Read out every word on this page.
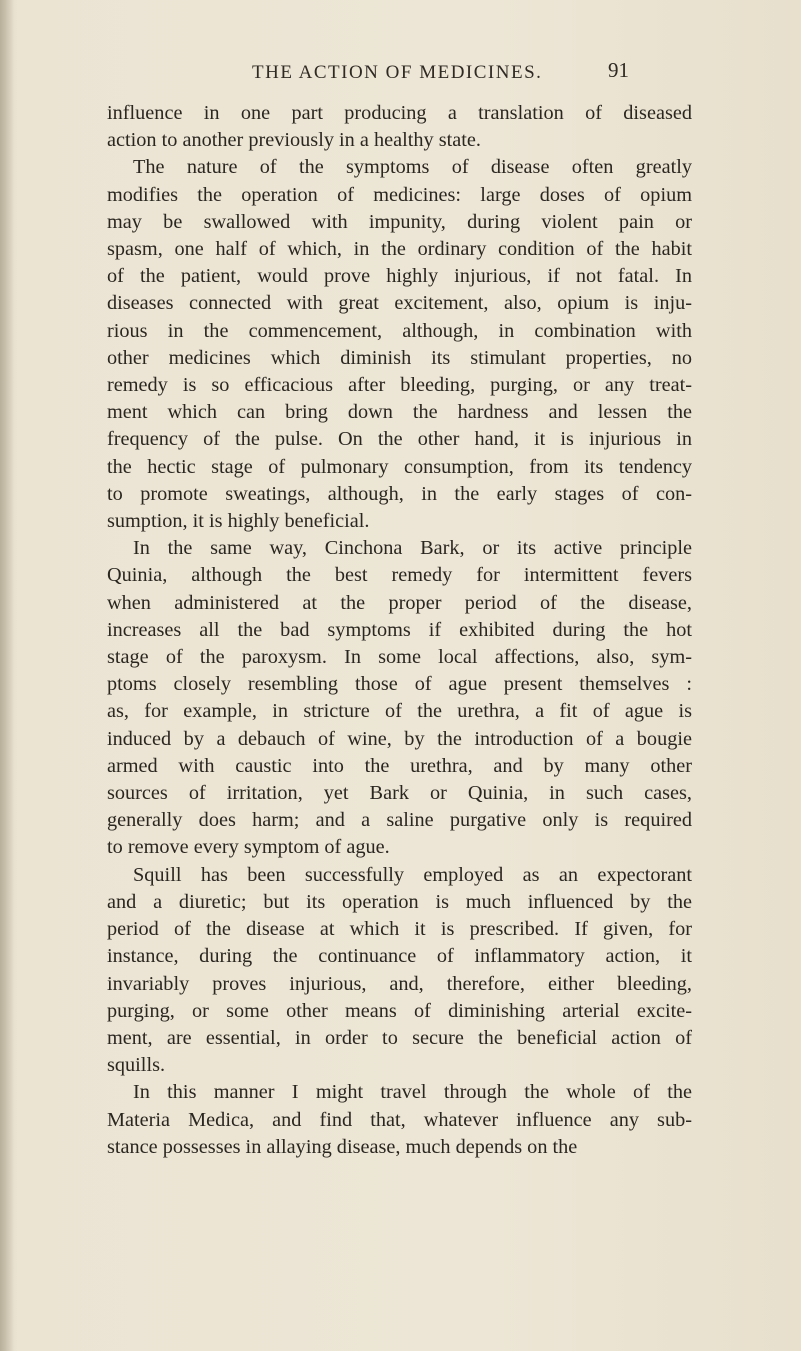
THE ACTION OF MEDICINES.	91

influence in one part producing a translation of diseased
action to another previously in a healthy state.

The nature of the symptoms of disease often greatly
modifies the operation of medicines: large doses of opium
may be swallowed with impunity, during violent pain or
spasm, one half of which, in the ordinary condition of the habit
of the patient, would prove highly injurious, if not fatal. In
diseases connected with great excitement, also, opium is inju-
rious in the commencement, although, in combination with
other medicines which diminish its stimulant properties, no
remedy is so efficacious after bleeding, purging, or any treat-
ment which can bring down the hardness and lessen the
frequency of the pulse. On the other hand, it is injurious in
the hectic stage of pulmonary consumption, from its tendency
to promote sweatings, although, in the early stages of con-
sumption, it is highly beneficial.

In the same way, Cinchona Bark, or its active principle
Quinia, although the best remedy for intermittent fevers
when administered at the proper period of the disease,
increases all the bad symptoms if exhibited during the hot
stage of the paroxysm. In some local affections, also, sym-
ptoms closely resembling those of ague present themselves :
as, for example, in stricture of the urethra, a fit of ague is
induced by a debauch of wine, by the introduction of a bougie
armed with caustic into the urethra, and by many other
sources of irritation, yet Bark or Quinia, in such cases,
generally does harm; and a saline purgative only is required
to remove every symptom of ague.

Squill has been successfully employed as an expectorant
and a diuretic; but its operation is much influenced by the
period of the disease at which it is prescribed. If given, for
instance, during the continuance of inflammatory action, it
invariably proves injurious, and, therefore, either bleeding,
purging, or some other means of diminishing arterial excite-
ment, are essential, in order to secure the beneficial action of
squills.

In this manner I might travel through the whole of the
Materia Medica, and find that, whatever influence any sub-
stance possesses in allaying disease, much depends on the
